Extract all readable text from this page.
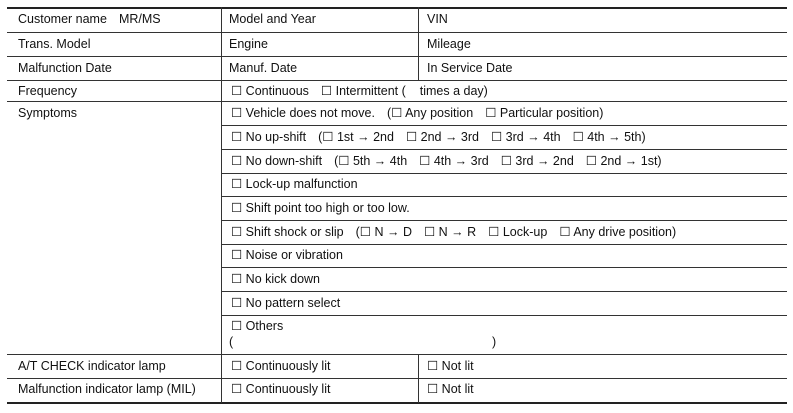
Customer name MR/MS	Model and Year	VIN
Trans. Model	Engine	Mileage
Malfunction Date	Manuf. Date	In Service Date
Frequency	☐ Continuous ☐ Intermittent ( times a day)
Symptoms	☐ Vehicle does not move. (☐ Any position ☐ Particular position)
☐ No up-shift (☐ 1st → 2nd ☐ 2nd → 3rd ☐ 3rd → 4th ☐ 4th → 5th)
☐ No down-shift (☐ 5th → 4th ☐ 4th → 3rd ☐ 3rd → 2nd ☐ 2nd → 1st)
☐ Lock-up malfunction
☐ Shift point too high or too low.
☐ Shift shock or slip (☐ N → D ☐ N → R ☐ Lock-up ☐ Any drive position)
☐ Noise or vibration
☐ No kick down
☐ No pattern select
☐ Others
(	)
A/T CHECK indicator lamp	☐ Continuously lit	☐ Not lit
Malfunction indicator lamp (MIL)	☐ Continuously lit	☐ Not lit
